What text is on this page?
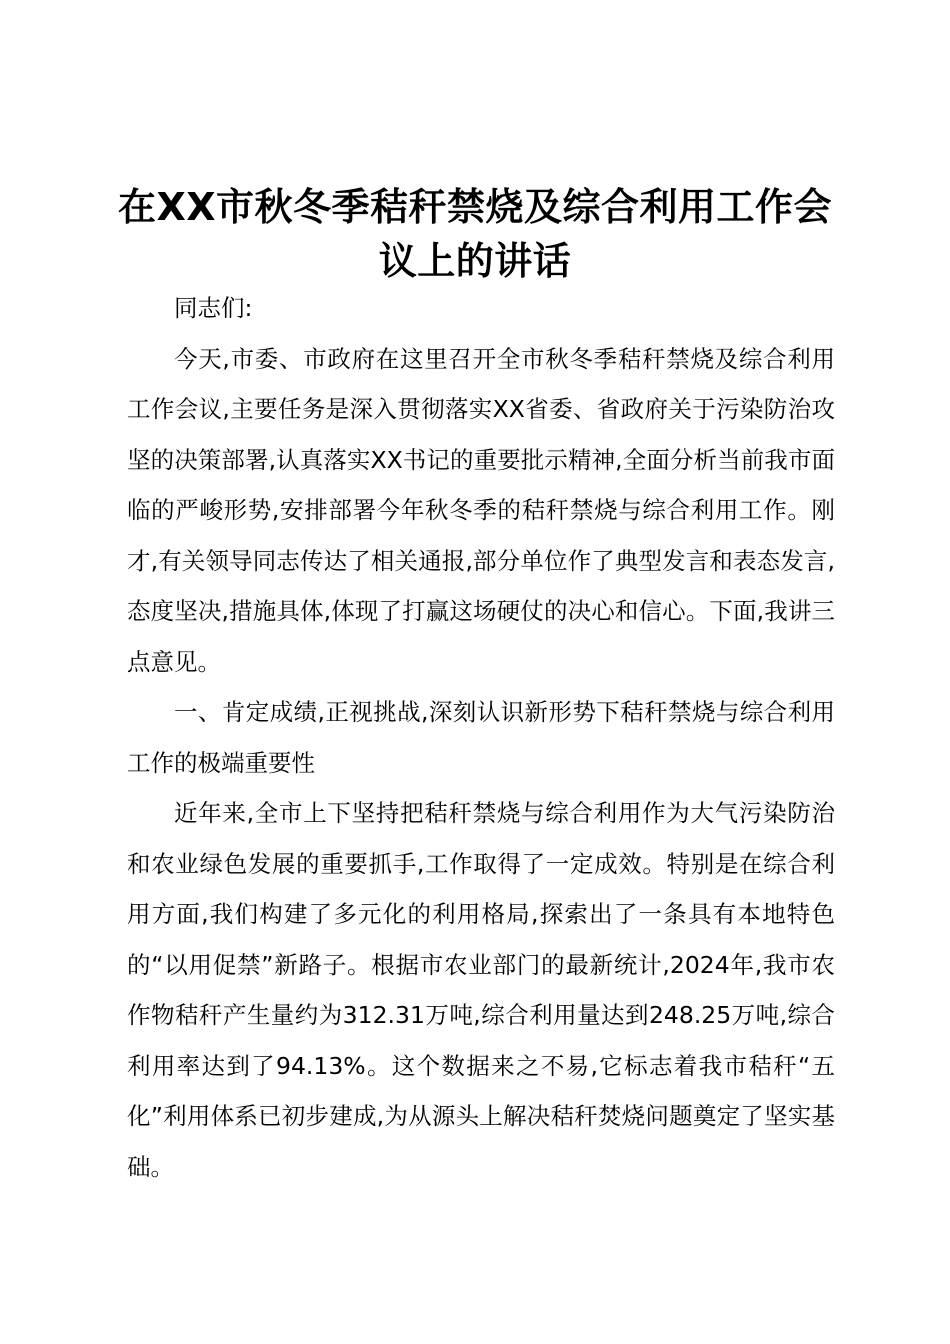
在XX市秋冬季秸秆禁烧及综合利用工作会议上的讲话

同志们:

今天,市委、市政府在这里召开全市秋冬季秸秆禁烧及综合利用工作会议,主要任务是深入贯彻落实XX省委、省政府关于污染防治攻坚的决策部署,认真落实XX书记的重要批示精神,全面分析当前我市面临的严峻形势,安排部署今年秋冬季的秸秆禁烧与综合利用工作。刚才,有关领导同志传达了相关通报,部分单位作了典型发言和表态发言,态度坚决,措施具体,体现了打赢这场硬仗的决心和信心。下面,我讲三点意见。

一、肯定成绩,正视挑战,深刻认识新形势下秸秆禁烧与综合利用工作的极端重要性

近年来,全市上下坚持把秸秆禁烧与综合利用作为大气污染防治和农业绿色发展的重要抓手,工作取得了一定成效。特别是在综合利用方面,我们构建了多元化的利用格局,探索出了一条具有本地特色的“以用促禁”新路子。根据市农业部门的最新统计,2024年,我市农作物秸秆产生量约为312.31万吨,综合利用量达到248.25万吨,综合利用率达到了94.13%。这个数据来之不易,它标志着我市秸秆“五化”利用体系已初步建成,为从源头上解决秸秆焚烧问题奠定了坚实基础。
